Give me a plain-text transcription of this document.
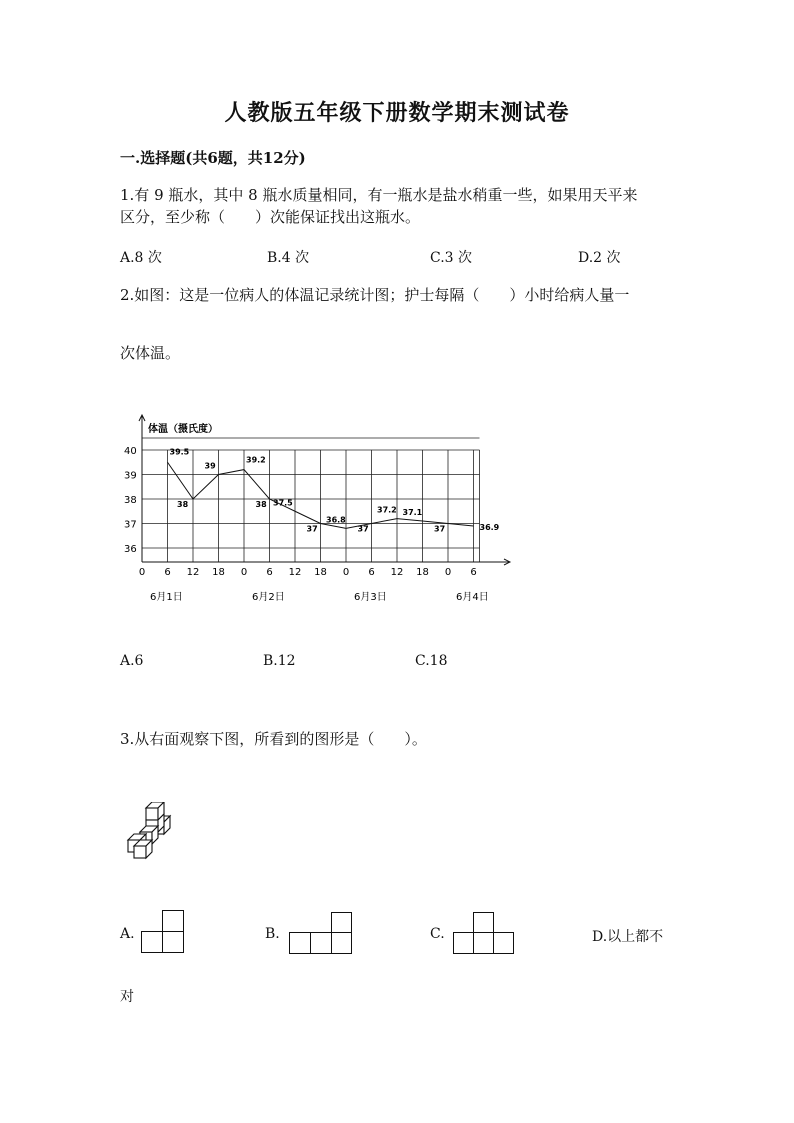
人教版五年级下册数学期末测试卷
一.选择题(共6题，共12分)
1.有 9 瓶水，其中 8 瓶水质量相同，有一瓶水是盐水稍重一些，如果用天平来
区分，至少称（　　）次能保证找出这瓶水。
A.8 次	B.4 次	C.3 次	D.2 次
2.如图：这是一位病人的体温记录统计图；护士每隔（　　）小时给病人量一
次体温。
体温（摄氏度）
40
39
38
37
36
0 6 12 18 0 6 12 18 0 6 12 18 0 6
6月1日	6月2日	6月3日	6月4日
39.5
38
39
39.2
38 37.5
37
36.8
37
37.2 37.1
37	36.9
A.6	B.12	C.18
3.从右面观察下图，所看到的图形是（　　）。
A.	B.	C.	D.以上都不
对
